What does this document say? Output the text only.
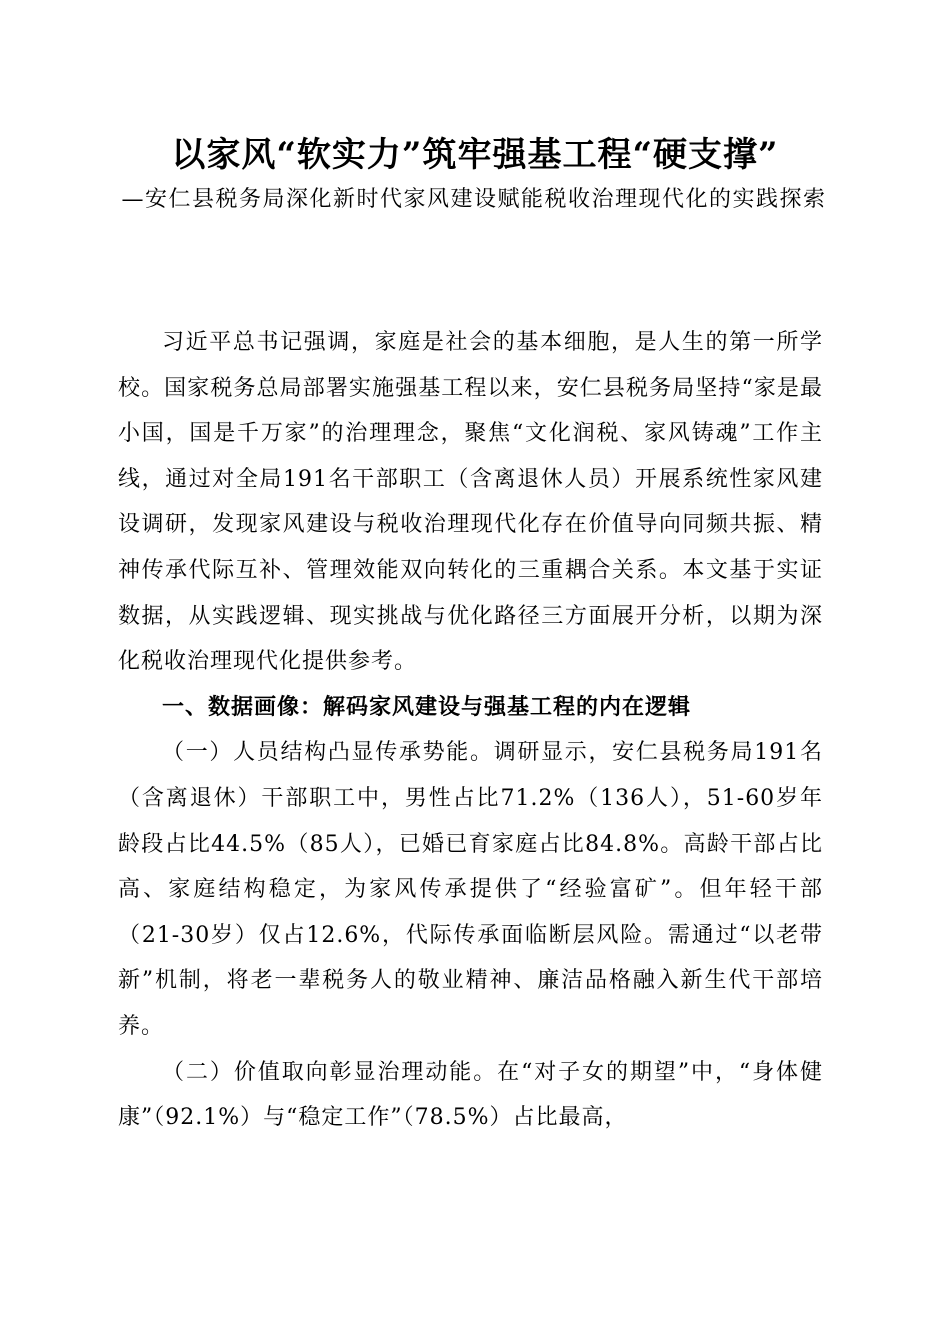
以家风“软实力”筑牢强基工程“硬支撑”
—安仁县税务局深化新时代家风建设赋能税收治理现代化的实践探索

习近平总书记强调，家庭是社会的基本细胞，是人生的第一所学校。国家税务总局部署实施强基工程以来，安仁县税务局坚持“家是最小国，国是千万家”的治理理念，聚焦“文化润税、家风铸魂”工作主线，通过对全局191名干部职工（含离退休人员）开展系统性家风建设调研，发现家风建设与税收治理现代化存在价值导向同频共振、精神传承代际互补、管理效能双向转化的三重耦合关系。本文基于实证数据，从实践逻辑、现实挑战与优化路径三方面展开分析，以期为深化税收治理现代化提供参考。

一、数据画像：解码家风建设与强基工程的内在逻辑

（一）人员结构凸显传承势能。调研显示，安仁县税务局191名（含离退休）干部职工中，男性占比71.2%（136人），51-60岁年龄段占比44.5%（85人），已婚已育家庭占比84.8%。高龄干部占比高、家庭结构稳定，为家风传承提供了“经验富矿”。但年轻干部（21-30岁）仅占12.6%，代际传承面临断层风险。需通过“以老带新”机制，将老一辈税务人的敬业精神、廉洁品格融入新生代干部培养。

（二）价值取向彰显治理动能。在“对子女的期望”中，“身体健康”（92.1%）与“稳定工作”（78.5%）占比最高，
